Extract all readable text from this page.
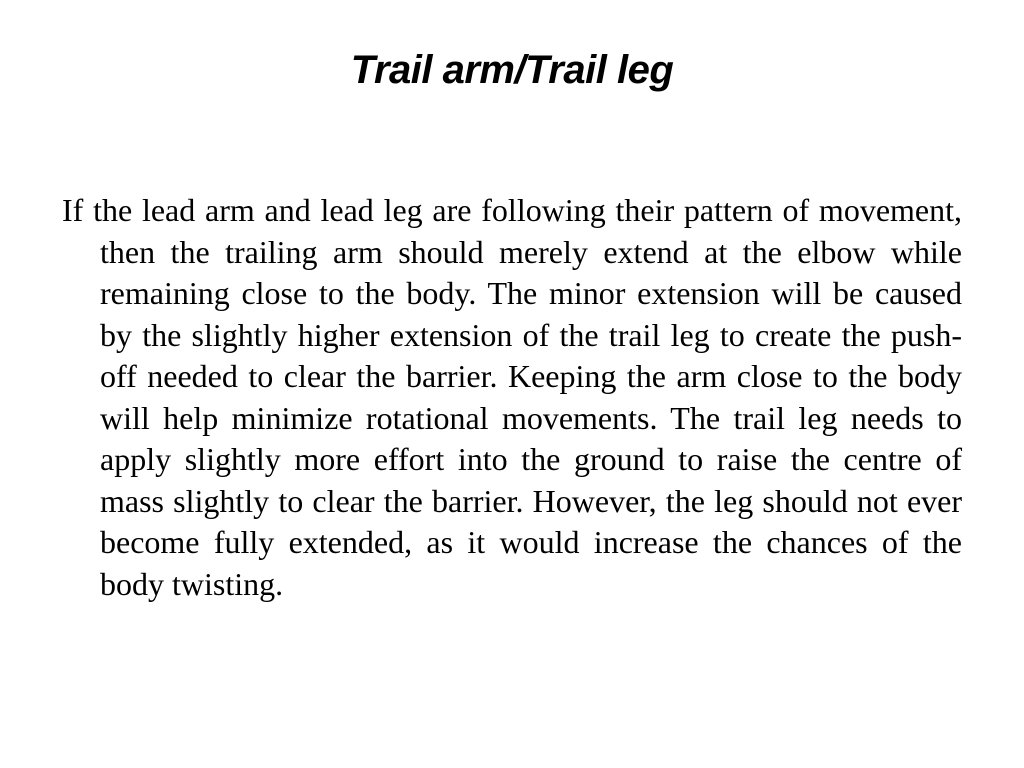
Trail arm/Trail leg

If the lead arm and lead leg are following their pattern of movement, then the trailing arm should merely extend at the elbow while remaining close to the body. The minor extension will be caused by the slightly higher extension of the trail leg to create the push-off needed to clear the barrier. Keeping the arm close to the body will help minimize rotational movements. The trail leg needs to apply slightly more effort into the ground to raise the centre of mass slightly to clear the barrier. However, the leg should not ever become fully extended, as it would increase the chances of the body twisting.
